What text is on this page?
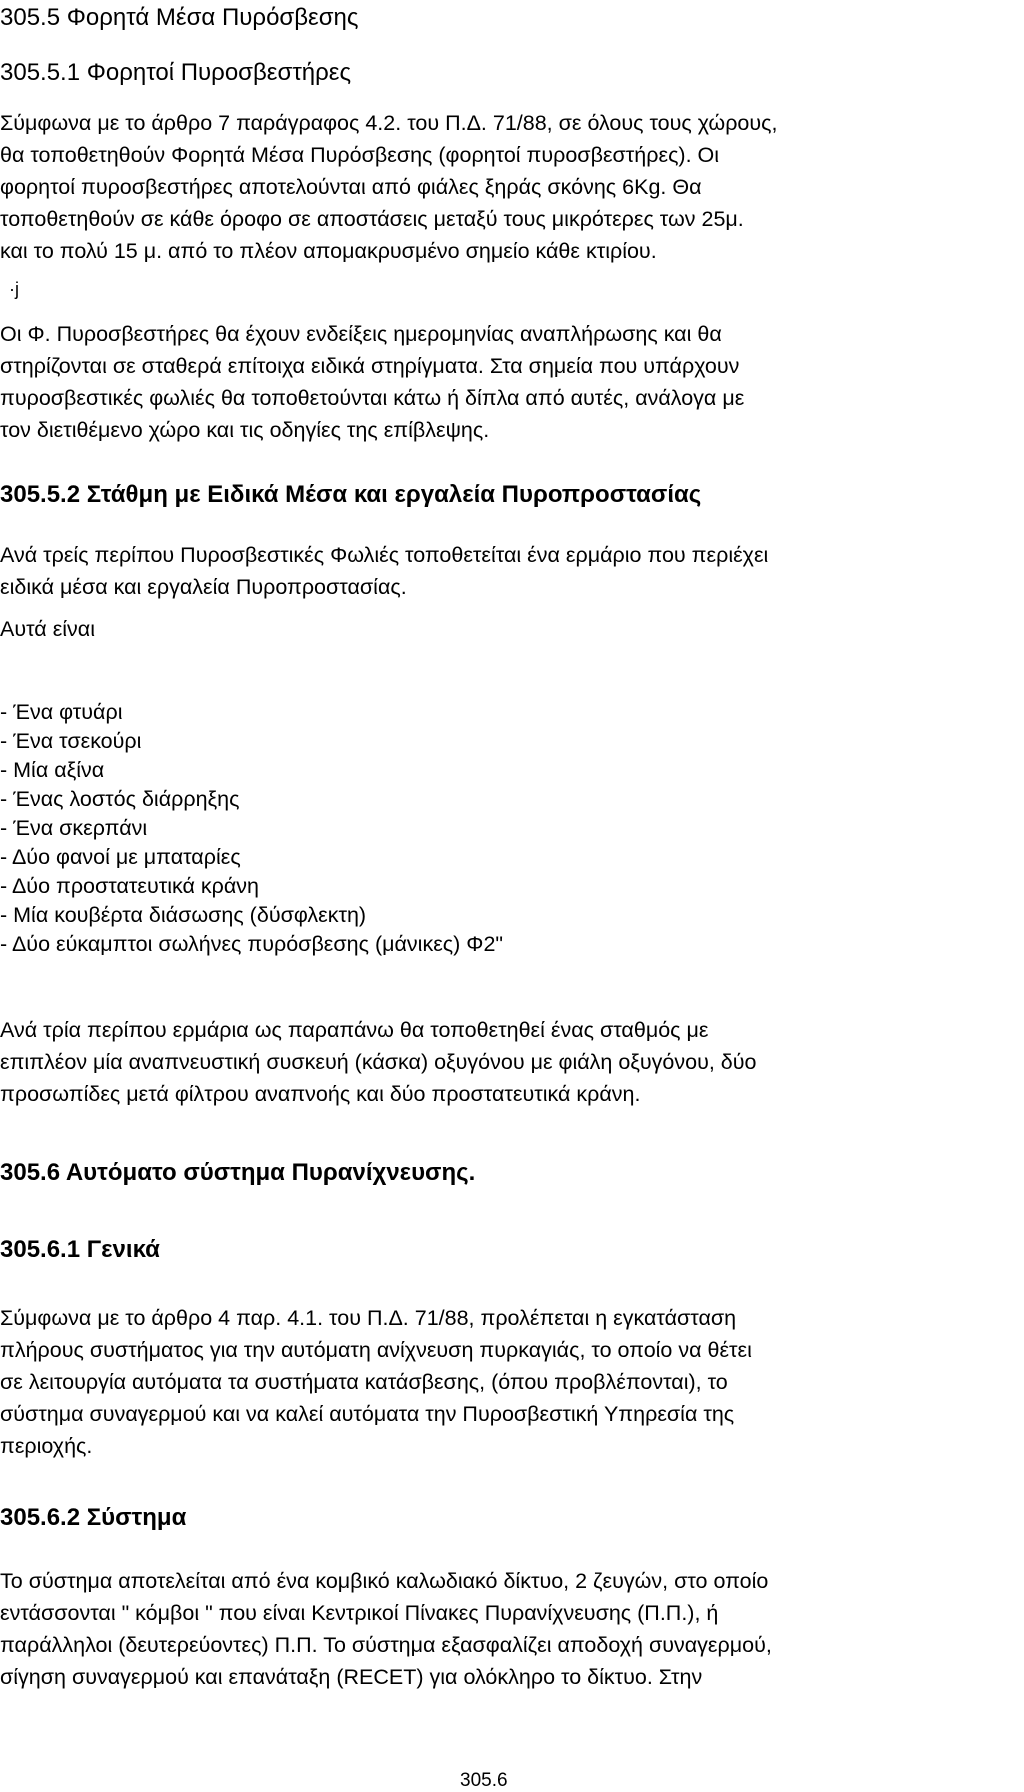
305.5 Φορητά Μέσα Πυρόσβεσης
305.5.1 Φορητοί Πυροσβεστήρες
Σύμφωνα με το άρθρο 7 παράγραφος 4.2. του Π.Δ. 71/88, σε όλους τους χώρους,
θα τοποθετηθούν Φορητά Μέσα Πυρόσβεσης (φορητοί πυροσβεστήρες). Οι
φορητοί πυροσβεστήρες αποτελούνται από φιάλες ξηράς σκόνης 6Kg. Θα
τοποθετηθούν σε κάθε όροφο σε αποστάσεις μεταξύ τους μικρότερες των 25μ.
και το πολύ 15 μ. από το πλέον απομακρυσμένο σημείο κάθε κτιρίου.
·j
Οι Φ. Πυροσβεστήρες θα έχουν ενδείξεις ημερομηνίας αναπλήρωσης και θα
στηρίζονται σε σταθερά επίτοιχα ειδικά στηρίγματα. Στα σημεία που υπάρχουν
πυροσβεστικές φωλιές θα τοποθετούνται κάτω ή δίπλα από αυτές, ανάλογα με
τον διετιθέμενο χώρο και τις οδηγίες της επίβλεψης.
305.5.2 Στάθμη με Ειδικά Μέσα και εργαλεία Πυροπροστασίας
Ανά τρείς περίπου Πυροσβεστικές Φωλιές τοποθετείται ένα ερμάριο που περιέχει
ειδικά μέσα και εργαλεία Πυροπροστασίας.
Αυτά είναι
- Ένα φτυάρι
- Ένα τσεκούρι
- Μία αξίνα
- Ένας λοστός διάρρηξης
- Ένα σκερπάνι
- Δύο φανοί με μπαταρίες
- Δύο προστατευτικά κράνη
- Μία κουβέρτα διάσωσης (δύσφλεκτη)
- Δύο εύκαμπτοι σωλήνες πυρόσβεσης (μάνικες) Φ2"
Ανά τρία περίπου ερμάρια ως παραπάνω θα τοποθετηθεί ένας σταθμός με
επιπλέον μία αναπνευστική συσκευή (κάσκα) οξυγόνου με φιάλη οξυγόνου, δύο
προσωπίδες μετά φίλτρου αναπνοής και δύο προστατευτικά κράνη.
305.6 Αυτόματο σύστημα Πυρανίχνευσης.
305.6.1 Γενικά
Σύμφωνα με το άρθρο 4 παρ. 4.1. του Π.Δ. 71/88, προλέπεται η εγκατάσταση
πλήρους συστήματος για την αυτόματη ανίχνευση πυρκαγιάς, το οποίο να θέτει
σε λειτουργία αυτόματα τα συστήματα κατάσβεσης, (όπου προβλέπονται), το
σύστημα συναγερμού και να καλεί αυτόματα την Πυροσβεστική Υπηρεσία της
περιοχής.
305.6.2 Σύστημα
Το σύστημα αποτελείται από ένα κομβικό καλωδιακό δίκτυο, 2 ζευγών, στο οποίο
εντάσσονται " κόμβοι " που είναι Κεντρικοί Πίνακες Πυρανίχνευσης (Π.Π.), ή
παράλληλοι (δευτερεύοντες) Π.Π. Το σύστημα εξασφαλίζει αποδοχή συναγερμού,
σίγηση συναγερμού και επανάταξη (RECET) για ολόκληρο το δίκτυο. Στην
305.6
